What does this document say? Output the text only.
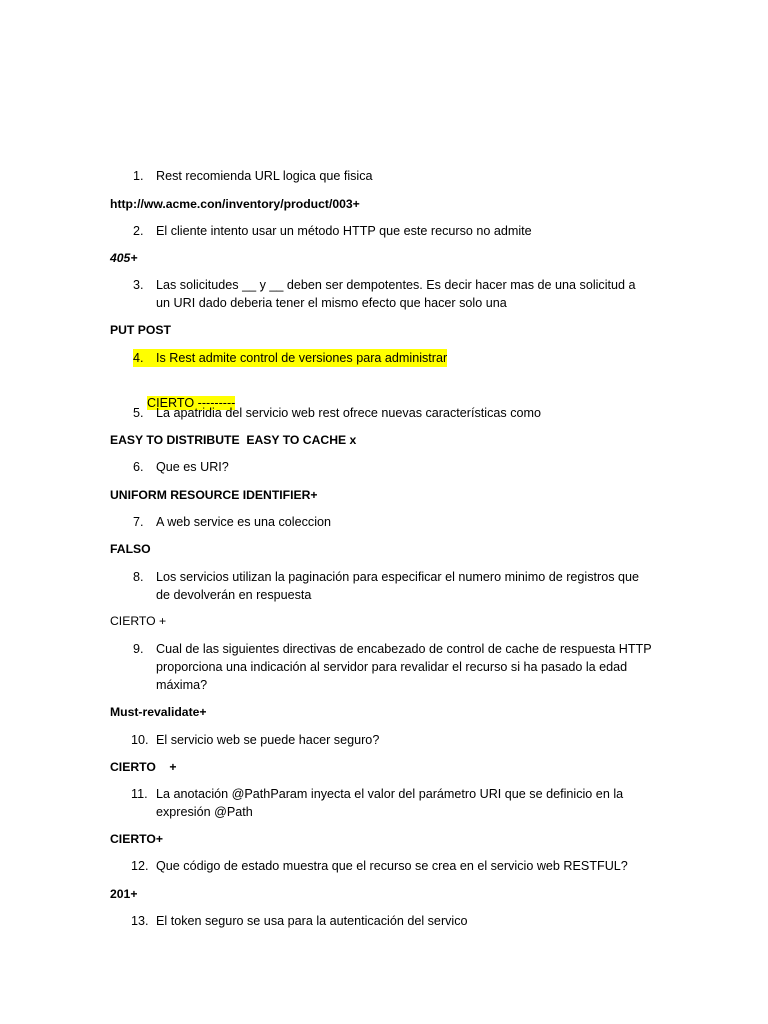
1. Rest recomienda URL logica que fisica
http://ww.acme.con/inventory/product/003+
2. El cliente intento usar un método HTTP que este recurso no admite
405+
3. Las solicitudes __ y __ deben ser dempotentes. Es decir hacer mas de una solicitud a un URI dado deberia tener el mismo efecto que hacer solo una
PUT POST
4. Is Rest admite control de versiones para administrar

CIERTO ---------

5. La apatridia del servicio web rest ofrece nuevas características como
EASY TO DISTRIBUTE  EASY TO CACHE x
6. Que es URI?
UNIFORM RESOURCE IDENTIFIER+
7. A web service es una coleccion
FALSO
8. Los servicios utilizan la paginación para especificar el numero minimo de registros que de devolverán en respuesta
CIERTO +
9. Cual de las siguientes directivas de encabezado de control de cache de respuesta HTTP proporciona una indicación al servidor para revalidar el recurso si ha pasado la edad máxima?
Must-revalidate+
10. El servicio web se puede hacer seguro?
CIERTO    +
11. La anotación @PathParam inyecta el valor del parámetro URI que se definicio en la expresión @Path
CIERTO+
12. Que código de estado muestra que el recurso se crea en el servicio web RESTFUL?
201+
13. El token seguro se usa para la autenticación del servico
